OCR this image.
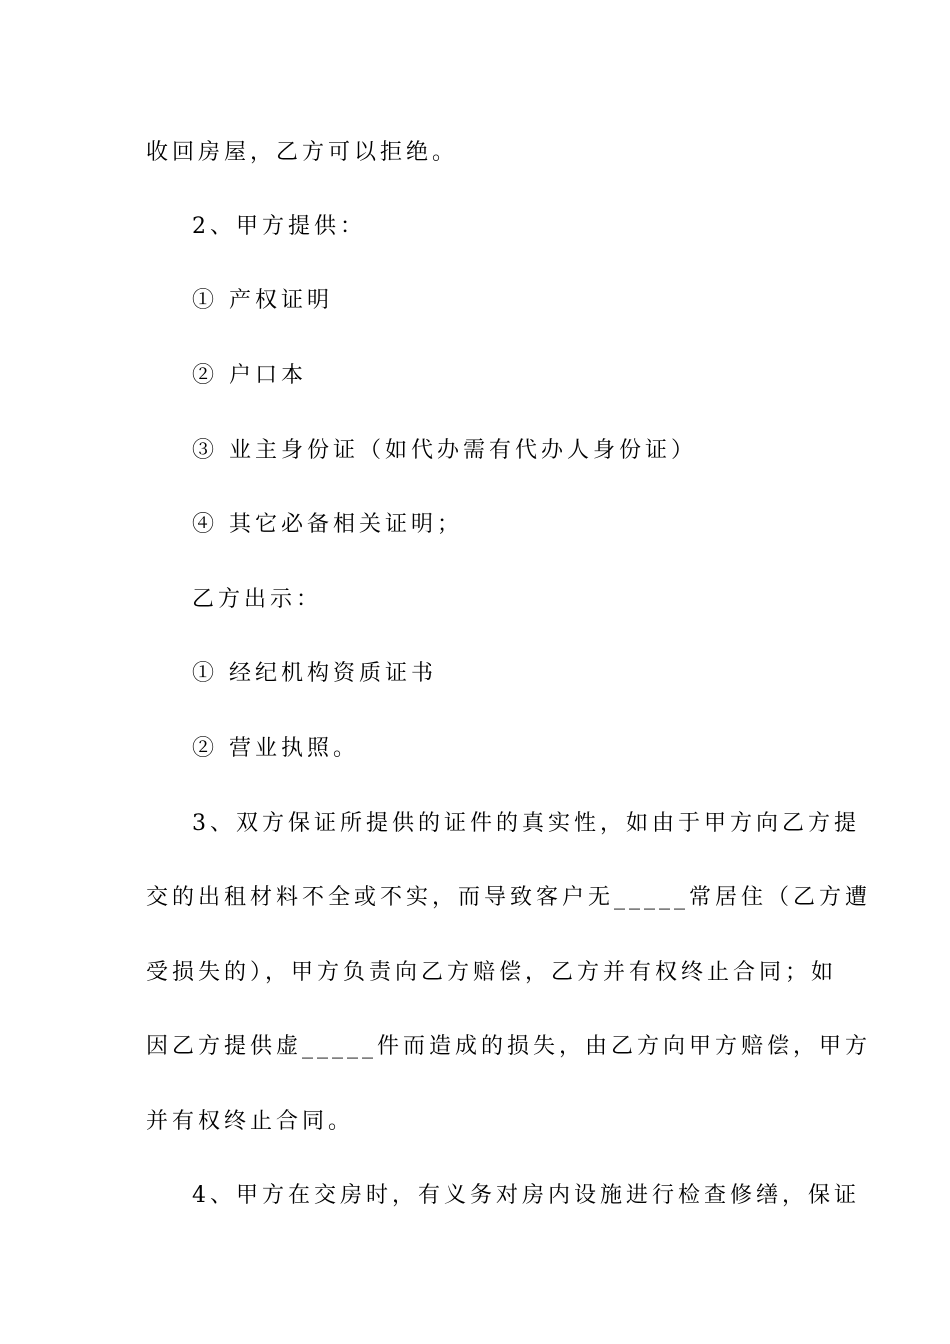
收回房屋，乙方可以拒绝。
2、甲方提供：
① 产权证明
② 户口本
③ 业主身份证（如代办需有代办人身份证）
④ 其它必备相关证明；
乙方出示：
① 经纪机构资质证书
② 营业执照。
3、双方保证所提供的证件的真实性，如由于甲方向乙方提
交的出租材料不全或不实，而导致客户无_____常居住（乙方遭
受损失的），甲方负责向乙方赔偿，乙方并有权终止合同；如
因乙方提供虚_____件而造成的损失，由乙方向甲方赔偿，甲方
并有权终止合同。
4、甲方在交房时，有义务对房内设施进行检查修缮，保证
